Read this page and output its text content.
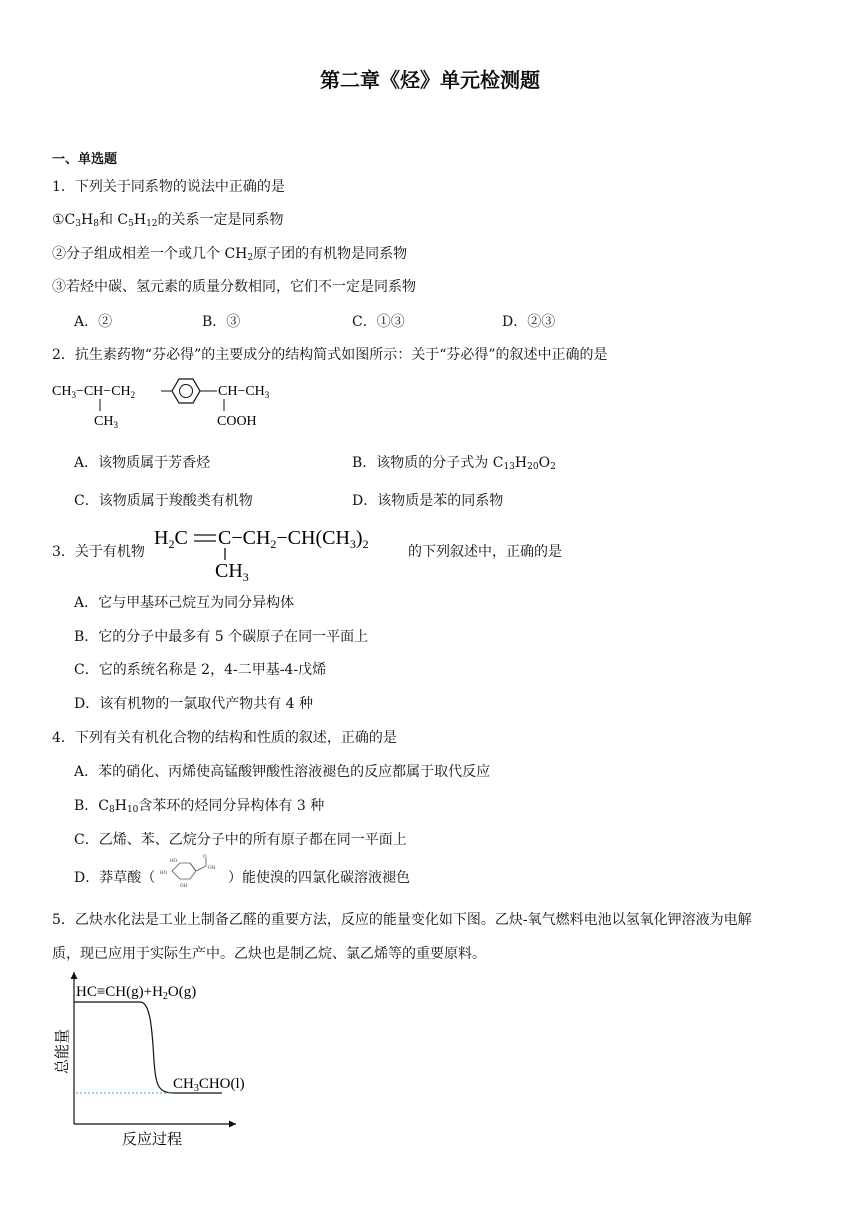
第二章《烃》单元检测题
一、单选题
1．下列关于同系物的说法中正确的是
$①C_3H_8$和 $C_5H_{12}$的关系一定是同系物
②分子组成相差一个或几个 $CH_2$原子团的有机物是同系物
③若烃中碳、氢元素的质量分数相同，它们不一定是同系物
A．②	B．③	C．①③	D．②③
2．抗生素药物“芬必得”的主要成分的结构简式如图所示：关于“芬必得”的叙述中正确的是
$CH_3-CH-CH_2$
$CH_3$
$CH-CH_3$
COOH
A．该物质属于芳香烃	B．该物质的分子式为 $C_{13}H_{20}O_2$
C．该物质属于羧酸类有机物	D．该物质是苯的同系物
3．关于有机物
$H_2C$ $C-CH_2-CH(CH_3)_2$
$CH_3$
的下列叙述中，正确的是
A．它与甲基环己烷互为同分异构体
B．它的分子中最多有 5 个碳原子在同一平面上
C．它的系统名称是 2，4-二甲基-4-戊烯
D．该有机物的一氯取代产物共有 4 种
4．下列有关有机化合物的结构和性质的叙述，正确的是
A．苯的硝化、丙烯使高锰酸钾酸性溶液褪色的反应都属于取代反应
B．$C_8H_{10}$含苯环的烃同分异构体有 3 种
C．乙烯、苯、乙烷分子中的所有原子都在同一平面上
D．莽草酸（
O
OH
HO
HO
OH
）能使溴的四氯化碳溶液褪色
5．乙炔水化法是工业上制备乙醛的重要方法，反应的能量变化如下图。乙炔-氧气燃料电池以氢氧化钾溶液为电解
质，现已应用于实际生产中。乙炔也是制乙烷、氯乙烯等的重要原料。
$HC\equiv CH(g)+H_2O(g)$
$CH_3CHO(l)$
总能量
反应过程
